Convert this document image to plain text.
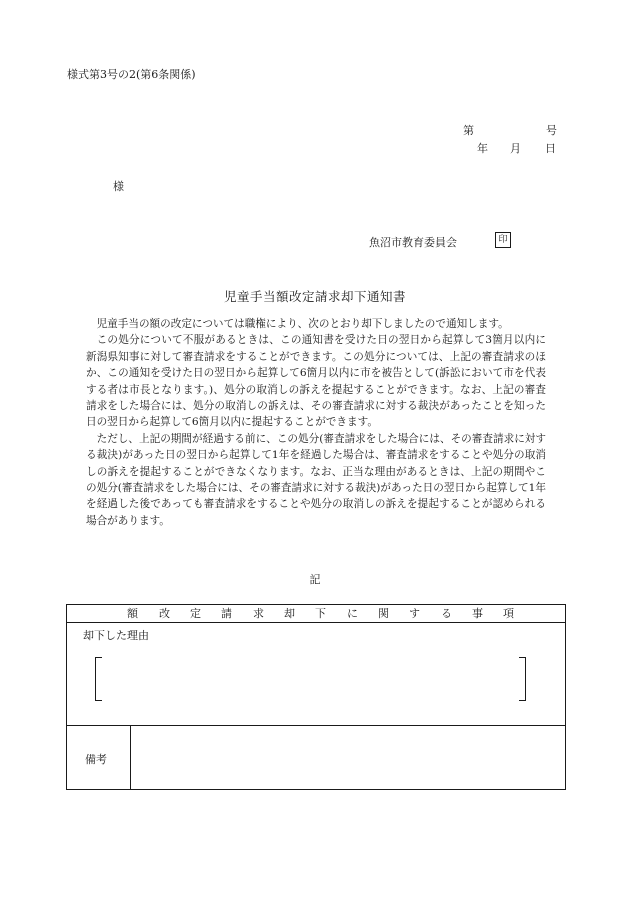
様式第3号の2(第6条関係)
第	号
年 月 日
様
魚沼市教育委員会	印
児童手当額改定請求却下通知書

児童手当の額の改定については職権により、次のとおり却下しましたので通知します。

この処分について不服があるときは、この通知書を受けた日の翌日から起算して3箇月以内に新潟県知事に対して審査請求をすることができます。この処分については、上記の審査請求のほか、この通知を受けた日の翌日から起算して6箇月以内に市を被告として(訴訟において市を代表する者は市長となります。)、処分の取消しの訴えを提起することができます。なお、上記の審査請求をした場合には、処分の取消しの訴えは、その審査請求に対する裁決があったことを知った日の翌日から起算して6箇月以内に提起することができます。

ただし、上記の期間が経過する前に、この処分(審査請求をした場合には、その審査請求に対する裁決)があった日の翌日から起算して1年を経過した場合は、審査請求をすることや処分の取消しの訴えを提起することができなくなります。なお、正当な理由があるときは、上記の期間やこの処分(審査請求をした場合には、その審査請求に対する裁決)があった日の翌日から起算して1年を経過した後であっても審査請求をすることや処分の取消しの訴えを提起することが認められる場合があります。

記
額 改 定 請 求 却 下 に 関 す る 事 項
却下した理由
備考
